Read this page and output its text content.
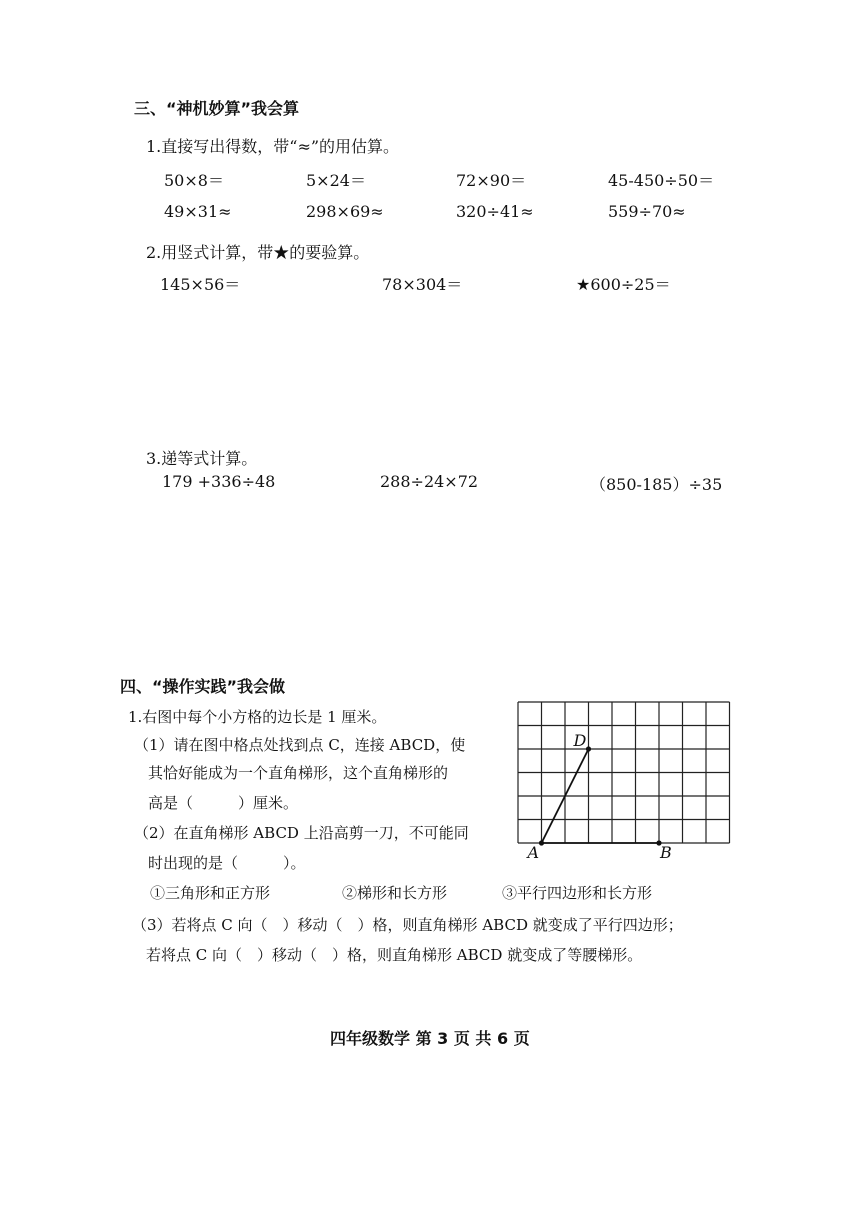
三、“神机妙算”我会算
1.直接写出得数，带“≈”的用估算。
50×8＝	5×24＝	72×90＝	45-450÷50＝
49×31≈	298×69≈	320÷41≈	559÷70≈
2.用竖式计算，带★的要验算。
145×56＝	78×304＝	★600÷25＝
3.递等式计算。
179 +336÷48	288÷24×72	（850-185）÷35
四、“操作实践”我会做
1.右图中每个小方格的边长是 1 厘米。
（1）请在图中格点处找到点 C，连接 ABCD，使
其恰好能成为一个直角梯形，这个直角梯形的
高是（　　　）厘米。
（2）在直角梯形 ABCD 上沿高剪一刀，不可能同
时出现的是（　　　）。
①三角形和正方形	②梯形和长方形	③平行四边形和长方形
（3）若将点 C 向（　）移动（　）格，则直角梯形 ABCD 就变成了平行四边形；
若将点 C 向（　）移动（　）格，则直角梯形 ABCD 就变成了等腰梯形。
A
D
B
四年级数学 第 3 页 共 6 页
